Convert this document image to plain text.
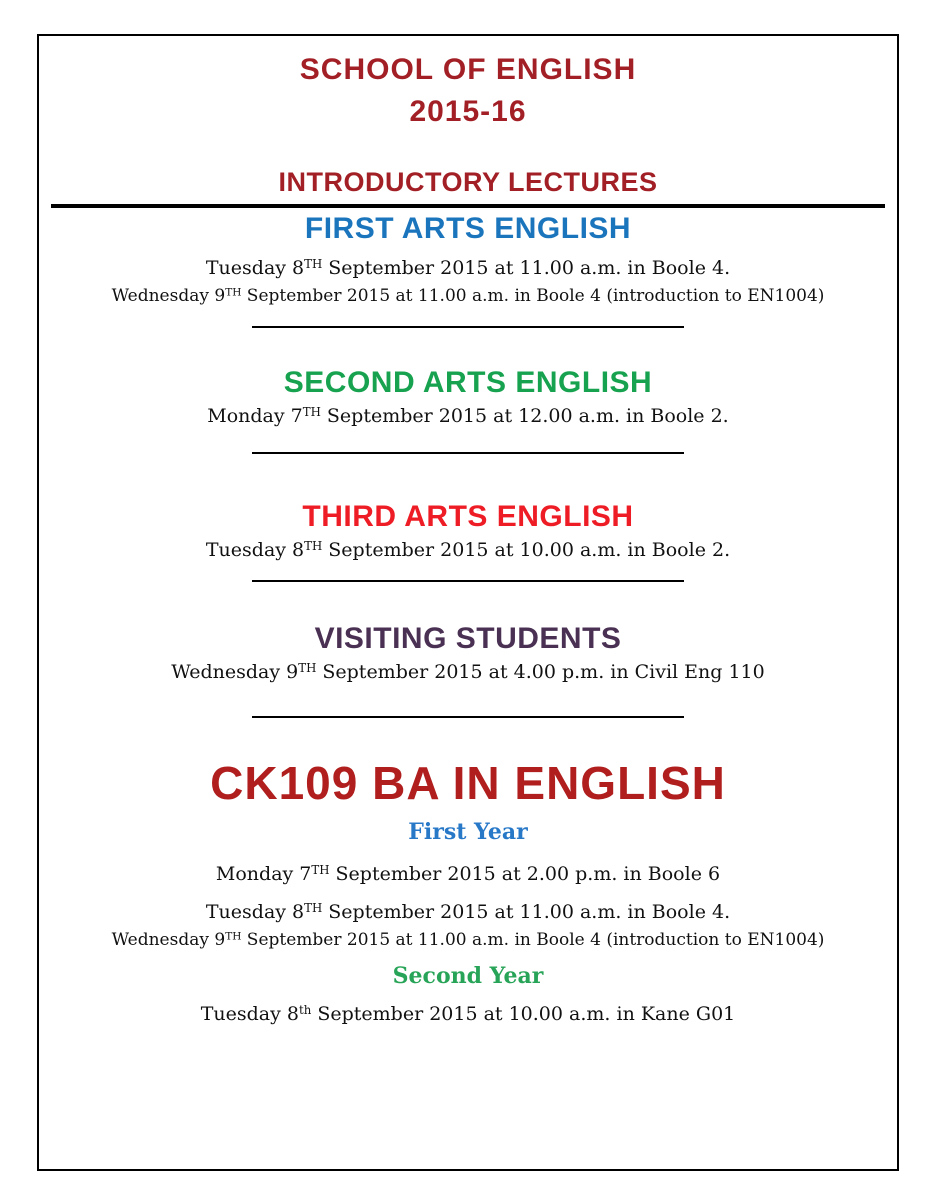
SCHOOL OF ENGLISH
2015-16
INTRODUCTORY LECTURES
FIRST ARTS ENGLISH

Tuesday 8TH September 2015 at 11.00 a.m. in Boole 4.

Wednesday 9TH September 2015 at 11.00 a.m. in Boole 4 (introduction to EN1004)

SECOND ARTS ENGLISH

Monday 7TH September 2015 at 12.00 a.m. in Boole 2.

THIRD ARTS ENGLISH

Tuesday 8TH September 2015 at 10.00 a.m. in Boole 2.

VISITING STUDENTS

Wednesday 9TH September 2015 at 4.00 p.m. in Civil Eng 110

CK109 BA IN ENGLISH

First Year

Monday 7TH September 2015 at 2.00 p.m. in Boole 6

Tuesday 8TH September 2015 at 11.00 a.m. in Boole 4.

Wednesday 9TH September 2015 at 11.00 a.m. in Boole 4 (introduction to EN1004)

Second Year

Tuesday 8th September 2015 at 10.00 a.m. in Kane G01
